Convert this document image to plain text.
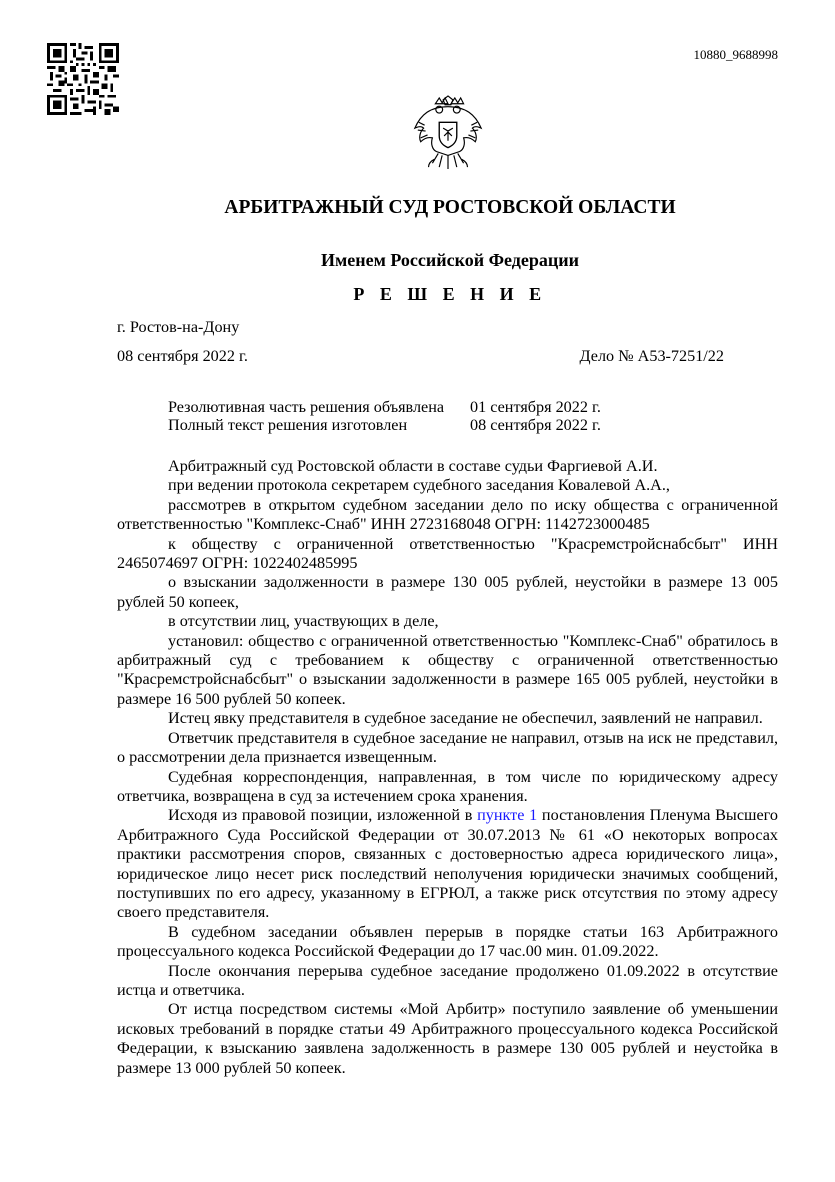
10880_9688998
АРБИТРАЖНЫЙ СУД РОСТОВСКОЙ ОБЛАСТИ
Именем Российской Федерации
Р Е Ш Е Н И Е
г. Ростов-на-Дону
08 сентября 2022 г.	Дело № А53-7251/22
Резолютивная часть решения объявлена 01 сентября 2022 г.
Полный текст решения изготовлен	08 сентября 2022 г.

Арбитражный суд Ростовской области в составе судьи Фаргиевой А.И.

при ведении протокола секретарем судебного заседания Ковалевой А.А.,

рассмотрев в открытом судебном заседании дело по иску общества с ограниченной ответственностью "Комплекс-Снаб" ИНН 2723168048 ОГРН: 1142723000485

к обществу с ограниченной ответственностью "Красремстройснабсбыт" ИНН 2465074697 ОГРН: 1022402485995

о взыскании задолженности в размере 130 005 рублей, неустойки в размере 13 005 рублей 50 копеек,

в отсутствии лиц, участвующих в деле,

установил: общество с ограниченной ответственностью "Комплекс-Снаб" обратилось в арбитражный суд с требованием к обществу с ограниченной ответственностью "Красремстройснабсбыт" о взыскании задолженности в размере 165 005 рублей, неустойки в размере 16 500 рублей 50 копеек.

Истец явку представителя в судебное заседание не обеспечил, заявлений не направил.

Ответчик представителя в судебное заседание не направил, отзыв на иск не представил, о рассмотрении дела признается извещенным.

Судебная корреспонденция, направленная, в том числе по юридическому адресу ответчика, возвращена в суд за истечением срока хранения.

Исходя из правовой позиции, изложенной в пункте 1 постановления Пленума Высшего Арбитражного Суда Российской Федерации от 30.07.2013 № 61 «О некоторых вопросах практики рассмотрения споров, связанных с достоверностью адреса юридического лица», юридическое лицо несет риск последствий неполучения юридически значимых сообщений, поступивших по его адресу, указанному в ЕГРЮЛ, а также риск отсутствия по этому адресу своего представителя.

В судебном заседании объявлен перерыв в порядке статьи 163 Арбитражного процессуального кодекса Российской Федерации до 17 час.00 мин. 01.09.2022.

После окончания перерыва судебное заседание продолжено 01.09.2022 в отсутствие истца и ответчика.

От истца посредством системы «Мой Арбитр» поступило заявление об уменьшении исковых требований в порядке статьи 49 Арбитражного процессуального кодекса Российской Федерации, к взысканию заявлена задолженность в размере 130 005 рублей и неустойка в размере 13 000 рублей 50 копеек.
